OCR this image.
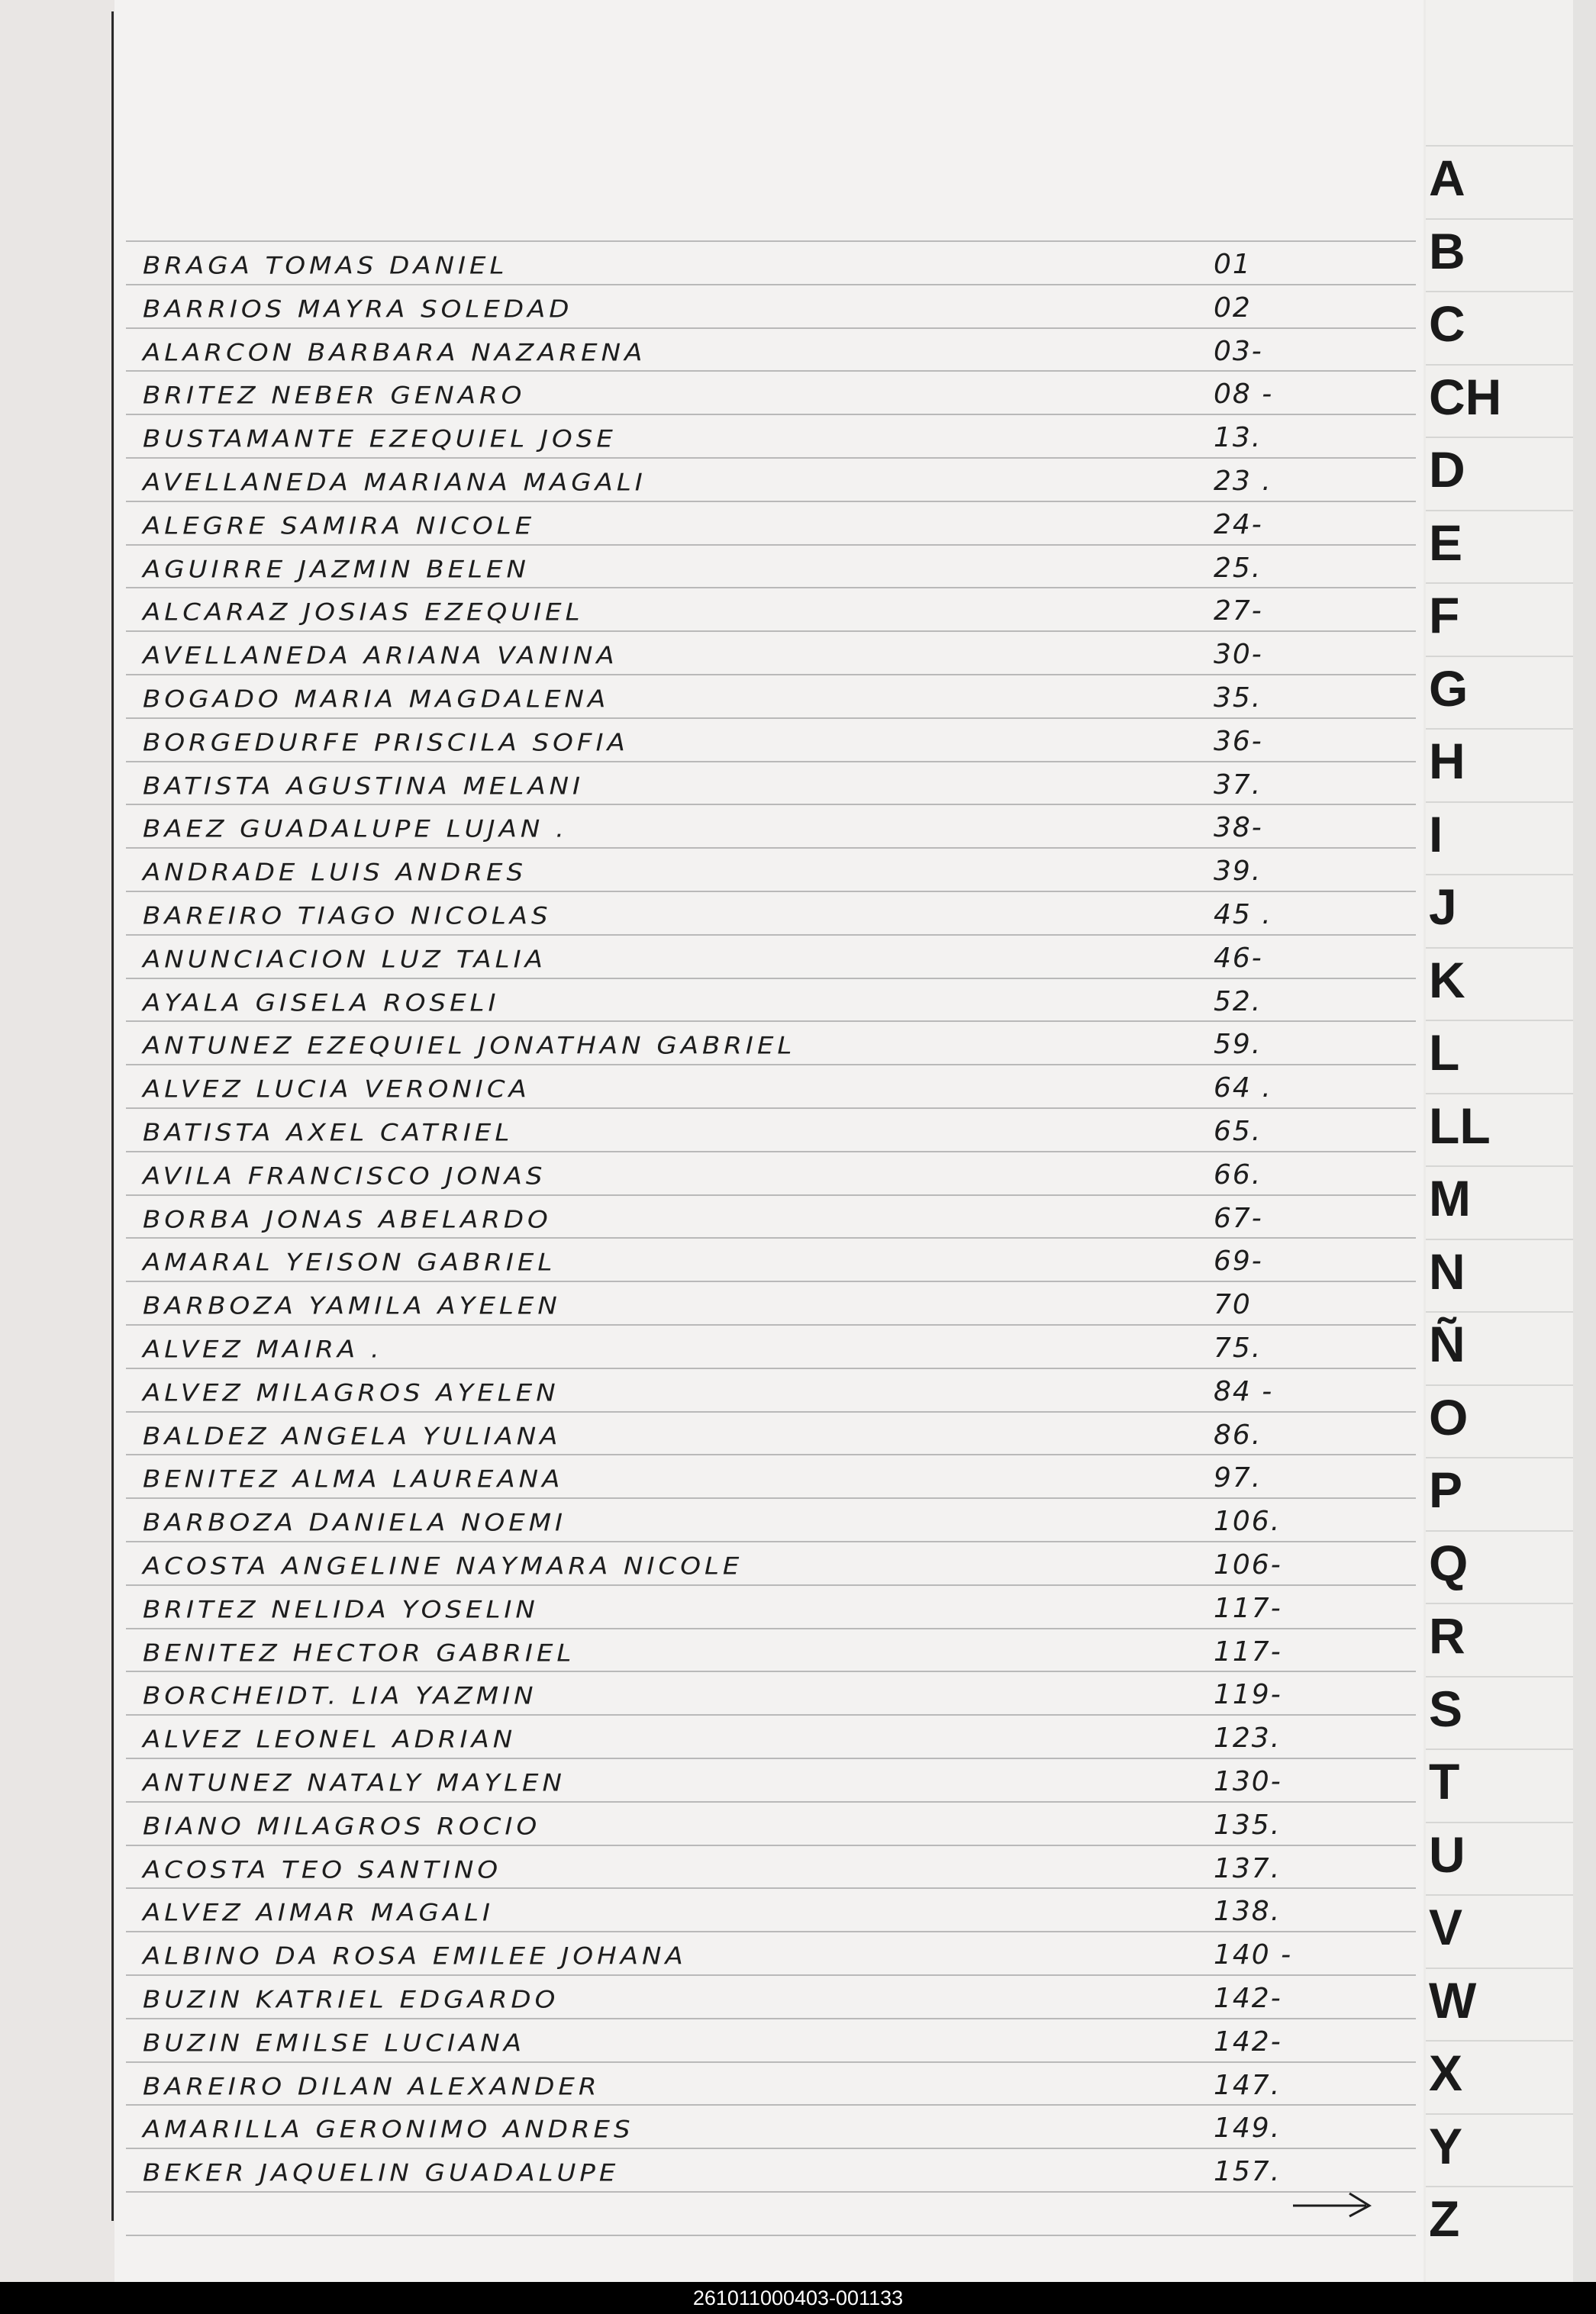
BRAGA TOMAS DANIEL	01
BARRIOS MAYRA SOLEDAD	02
ALARCON BARBARA NAZARENA	03-
BRITEZ NEBER GENARO	08 -
BUSTAMANTE EZEQUIEL JOSE	13.
AVELLANEDA MARIANA MAGALI	23 .
ALEGRE SAMIRA NICOLE	24-
AGUIRRE JAZMIN BELEN	25.
ALCARAZ JOSIAS EZEQUIEL	27-
AVELLANEDA ARIANA VANINA	30-
BOGADO MARIA MAGDALENA	35.
BORGEDURFE PRISCILA SOFIA	36-
BATISTA AGUSTINA MELANI	37.
BAEZ GUADALUPE LUJAN .	38-
ANDRADE LUIS ANDRES	39.
BAREIRO TIAGO NICOLAS	45 .
ANUNCIACION LUZ TALIA	46-
AYALA GISELA ROSELI	52.
ANTUNEZ EZEQUIEL JONATHAN GABRIEL	59.
ALVEZ LUCIA VERONICA	64 .
BATISTA AXEL CATRIEL	65.
AVILA FRANCISCO JONAS	66.
BORBA JONAS ABELARDO	67-
AMARAL YEISON GABRIEL	69-
BARBOZA YAMILA AYELEN	70
ALVEZ MAIRA .	75.
ALVEZ MILAGROS AYELEN	84 -
BALDEZ ANGELA YULIANA	86.
BENITEZ ALMA LAUREANA	97.
BARBOZA DANIELA NOEMI	106.
ACOSTA ANGELINE NAYMARA NICOLE	106-
BRITEZ NELIDA YOSELIN	117-
BENITEZ HECTOR GABRIEL	117-
BORCHEIDT. LIA YAZMIN	119-
ALVEZ LEONEL ADRIAN	123.
ANTUNEZ NATALY MAYLEN	130-
BIANO MILAGROS ROCIO	135.
ACOSTA TEO SANTINO	137.
ALVEZ AIMAR MAGALI	138.
ALBINO DA ROSA EMILEE JOHANA	140 -
BUZIN KATRIEL EDGARDO	142-
BUZIN EMILSE LUCIANA	142-
BAREIRO DILAN ALEXANDER	147.
AMARILLA GERONIMO ANDRES	149.
BEKER JAQUELIN GUADALUPE	157.
A
B
C
CH
D
E
F
G
H
I
J
K
L
LL
M
N
Ñ
O
P
Q
R
S
T
U
V
W
X
Y
Z
261011000403-001133
